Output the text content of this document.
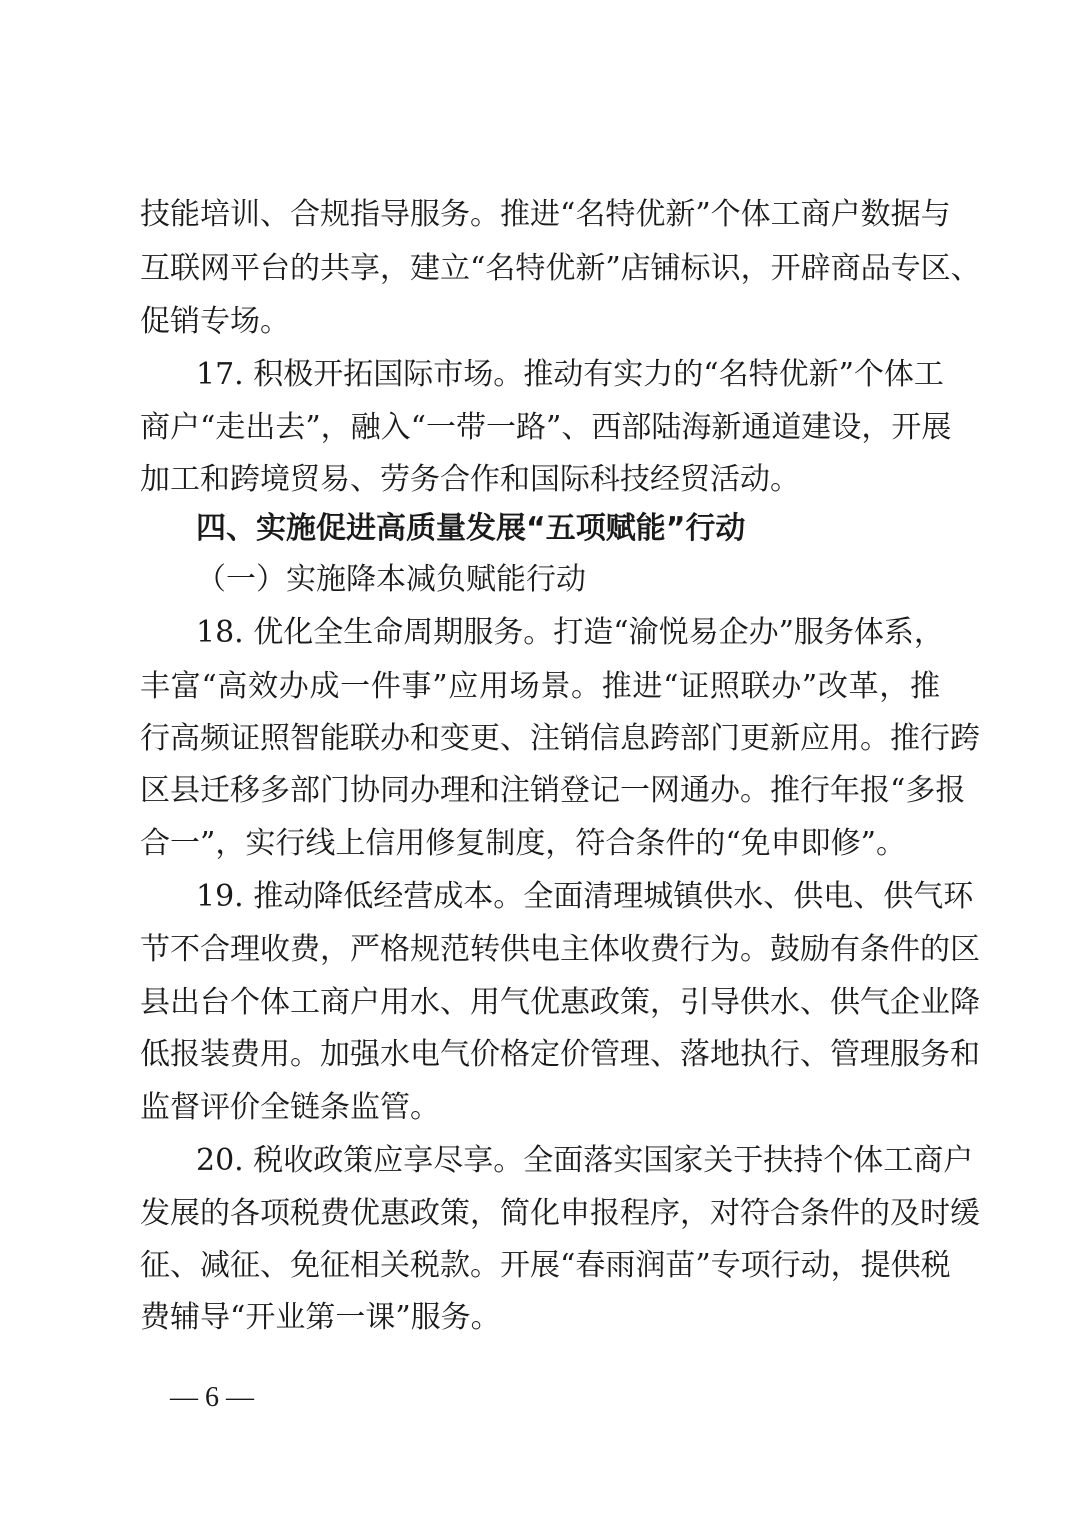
技能培训、合规指导服务。推进“名特优新”个体工商户数据与
互联网平台的共享，建立“名特优新”店铺标识，开辟商品专区、
促销专场。
17. 积极开拓国际市场。推动有实力的“名特优新”个体工
商户“走出去”，融入“一带一路”、西部陆海新通道建设，开展
加工和跨境贸易、劳务合作和国际科技经贸活动。
四、实施促进高质量发展“五项赋能”行动
（一）实施降本减负赋能行动
18. 优化全生命周期服务。打造“渝悦易企办”服务体系，
丰富“高效办成一件事”应用场景。推进“证照联办”改革，推
行高频证照智能联办和变更、注销信息跨部门更新应用。推行跨
区县迁移多部门协同办理和注销登记一网通办。推行年报“多报
合一”，实行线上信用修复制度，符合条件的“免申即修”。
19. 推动降低经营成本。全面清理城镇供水、供电、供气环
节不合理收费，严格规范转供电主体收费行为。鼓励有条件的区
县出台个体工商户用水、用气优惠政策，引导供水、供气企业降
低报装费用。加强水电气价格定价管理、落地执行、管理服务和
监督评价全链条监管。
20. 税收政策应享尽享。全面落实国家关于扶持个体工商户
发展的各项税费优惠政策，简化申报程序，对符合条件的及时缓
征、减征、免征相关税款。开展“春雨润苗”专项行动，提供税
费辅导“开业第一课”服务。
— 6 —
